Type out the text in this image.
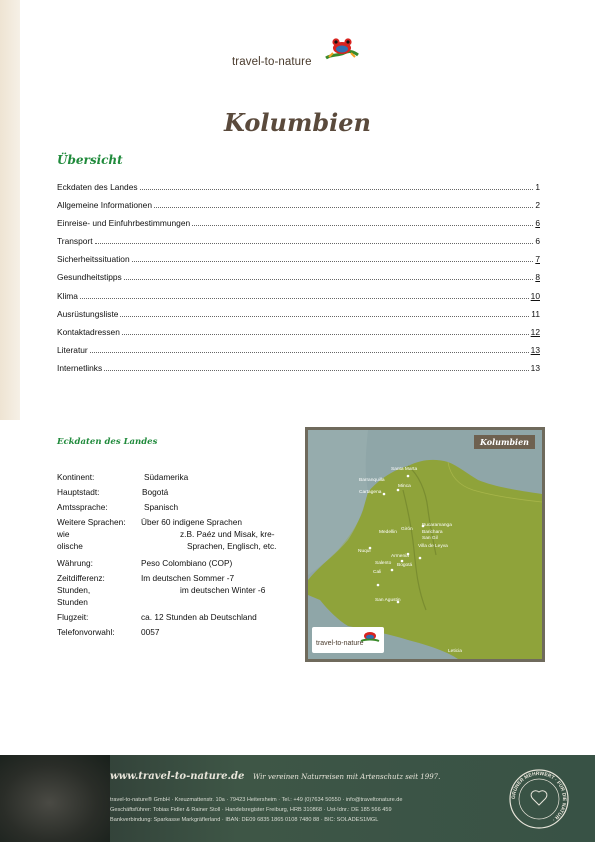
travel-to-nature
Kolumbien
Übersicht
Eckdaten des Landes	1
Allgemeine Informationen	2
Einreise- und Einfuhrbestimmungen	6
Transport	6
Sicherheitssituation	7
Gesundheitstipps	8
Klima	10
Ausrüstungsliste	11
Kontaktadressen	12
Literatur	13
Internetlinks	13
Eckdaten des Landes
Kontinent:	Südamerika
Hauptstadt:	Bogotá
Amtssprache:	Spanisch
Weitere Sprachen: Über 60 indigene Sprachen
wie	z.B. Paéz und Misak, kre-
olische	Sprachen, Englisch, etc.
Währung:	Peso Colombiano (COP)
Zeitdifferenz:	Im deutschen Sommer -7
Stunden,	im deutschen Winter -6
Stunden
Flugzeit:	ca. 12 Stunden ab Deutschland
Telefonvorwahl:	0057
Kolumbien
Santa Marta
Barranquilla
Minca
Cartagena
Medellin
Bucaramanga
Barichara
San Gil
Villa de Leyva
Girón
Armenia
Bogotá
Salento
Cali
Nuqui
San Agustin
Leticia
travel-to-nature
www.travel-to-nature.de Wir vereinen Naturreisen mit Artenschutz seit 1997.
travel-to-nature® GmbH · Kreuzmattenstr. 10a · 79423 Heitersheim · Tel.: +49 (0)7634 50550 · info@traveltonature.de
Geschäftsführer: Tobias Fidler & Rainer Stoll · Handelsregister Freiburg, HRB 310868 · Ust-Idnr.: DE 185 566 459
Bankverbindung: Sparkasse Markgräflerland · IBAN: DE09 6835 1865 0108 7480 88 · BIC: SOLADES1MGL
GRÜNER MEHRWERT · FÜR DIE NATUR ·
